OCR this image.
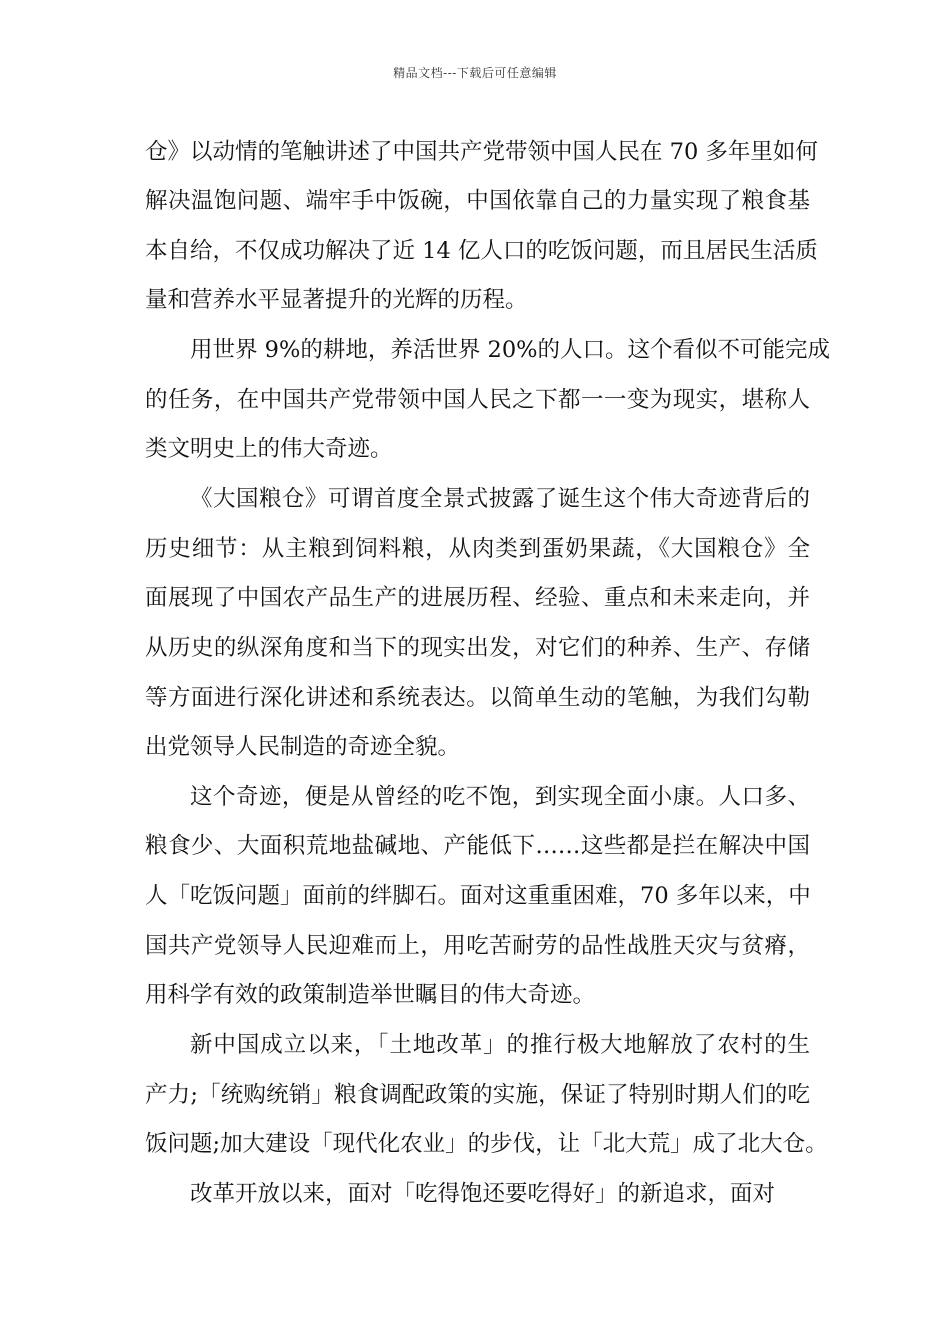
精品文档---下载后可任意编辑
仓》以动情的笔触讲述了中国共产党带领中国人民在 70 多年里如何
解决温饱问题、端牢手中饭碗，中国依靠自己的力量实现了粮食基
本自给，不仅成功解决了近 14 亿人口的吃饭问题，而且居民生活质
量和营养水平显著提升的光辉的历程。
用世界 9%的耕地，养活世界 20%的人口。这个看似不可能完成
的任务，在中国共产党带领中国人民之下都一一变为现实，堪称人
类文明史上的伟大奇迹。
《大国粮仓》可谓首度全景式披露了诞生这个伟大奇迹背后的
历史细节：从主粮到饲料粮，从肉类到蛋奶果蔬，《大国粮仓》全
面展现了中国农产品生产的进展历程、经验、重点和未来走向，并
从历史的纵深角度和当下的现实出发，对它们的种养、生产、存储
等方面进行深化讲述和系统表达。以简单生动的笔触，为我们勾勒
出党领导人民制造的奇迹全貌。
这个奇迹，便是从曾经的吃不饱，到实现全面小康。人口多、
粮食少、大面积荒地盐碱地、产能低下……这些都是拦在解决中国
人「吃饭问题」面前的绊脚石。面对这重重困难，70 多年以来，中
国共产党领导人民迎难而上，用吃苦耐劳的品性战胜天灾与贫瘠，
用科学有效的政策制造举世瞩目的伟大奇迹。
新中国成立以来，「土地改革」的推行极大地解放了农村的生
产力;「统购统销」粮食调配政策的实施，保证了特别时期人们的吃
饭问题;加大建设「现代化农业」的步伐，让「北大荒」成了北大仓。
改革开放以来，面对「吃得饱还要吃得好」的新追求，面对
